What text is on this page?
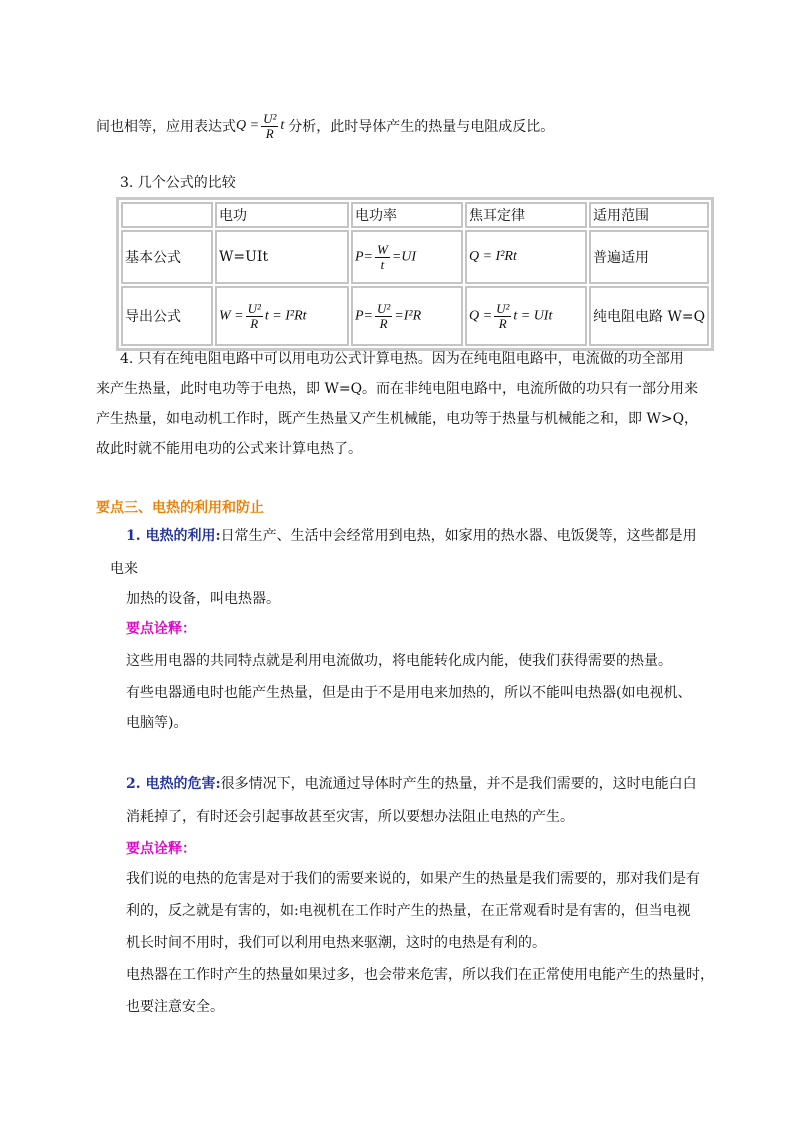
间也相等，应用表达式$Q = \frac{\text{U²}}{R}$ t 分析，此时导体产生的热量与电阻成反比。
3. 几个公式的比较
	电功	电功率	焦耳定律	适用范围
基本公式	W=UIt	$P= \frac{W}{t} =UI$	Q = I²Rt	普遍适用
导出公式	$W = \frac{\text{U²}}{R}$ t = I²Rt	$P= \frac{\text{U²}}{R} =I^2R$	$Q = \frac{\text{U²}}{R}$ t = UIt	纯电阻电路 W=Q
4. 只有在纯电阻电路中可以用电功公式计算电热。因为在纯电阻电路中，电流做的功全部用
来产生热量，此时电功等于电热，即 W=Q。而在非纯电阻电路中，电流所做的功只有一部分用来
产生热量，如电动机工作时，既产生热量又产生机械能，电功等于热量与机械能之和，即 W>Q，
故此时就不能用电功的公式来计算电热了。
要点三、电热的利用和防止
1. 电热的利用:日常生产、生活中会经常用到电热，如家用的热水器、电饭煲等，这些都是用
电来
加热的设备，叫电热器。
要点诠释：
这些用电器的共同特点就是利用电流做功，将电能转化成内能，使我们获得需要的热量。
有些电器通电时也能产生热量，但是由于不是用电来加热的，所以不能叫电热器(如电视机、
电脑等)。
2. 电热的危害:很多情况下，电流通过导体时产生的热量，并不是我们需要的，这时电能白白
消耗掉了，有时还会引起事故甚至灾害，所以要想办法阻止电热的产生。
要点诠释：
我们说的电热的危害是对于我们的需要来说的，如果产生的热量是我们需要的，那对我们是有
利的，反之就是有害的，如:电视机在工作时产生的热量，在正常观看时是有害的，但当电视
机长时间不用时，我们可以利用电热来驱潮，这时的电热是有利的。
电热器在工作时产生的热量如果过多，也会带来危害，所以我们在正常使用电能产生的热量时，
也要注意安全。
